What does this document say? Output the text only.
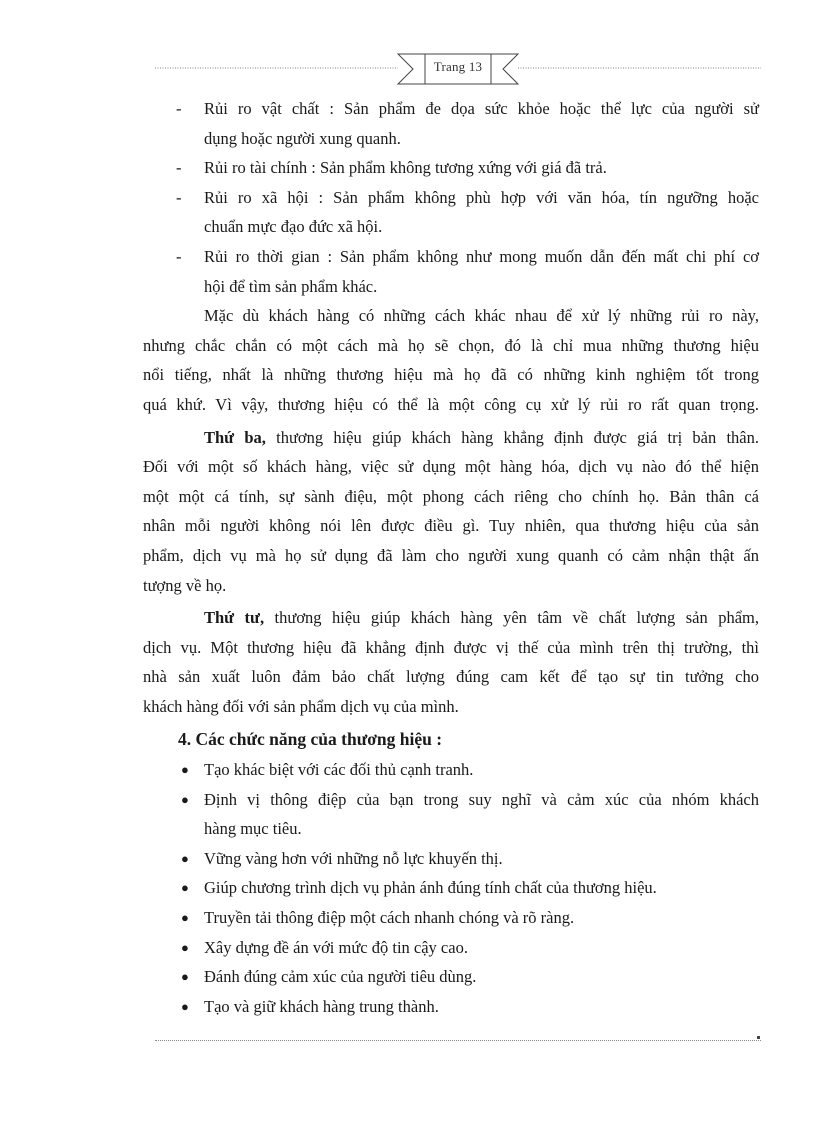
Trang 13
- Rủi ro vật chất : Sản phẩm đe dọa sức khỏe hoặc thể lực của người sử
dụng hoặc người xung quanh.
- Rủi ro tài chính : Sản phẩm không tương xứng với giá đã trả.
- Rủi ro xã hội : Sản phẩm không phù hợp với văn hóa, tín ngưỡng hoặc
chuẩn mực đạo đức xã hội.
- Rủi ro thời gian : Sản phẩm không như mong muốn dẫn đến mất chi phí cơ
hội để tìm sản phẩm khác.
Mặc dù khách hàng có những cách khác nhau để xử lý những rủi ro này,
nhưng chắc chắn có một cách mà họ sẽ chọn, đó là chỉ mua những thương hiệu
nổi tiếng, nhất là những thương hiệu mà họ đã có những kinh nghiệm tốt trong
quá khứ. Vì vậy, thương hiệu có thể là một công cụ xử lý rủi ro rất quan trọng.
Thứ ba, thương hiệu giúp khách hàng khẳng định được giá trị bản thân.
Đối với một số khách hàng, việc sử dụng một hàng hóa, dịch vụ nào đó thể hiện
một một cá tính, sự sành điệu, một phong cách riêng cho chính họ. Bản thân cá
nhân mỗi người không nói lên được điều gì. Tuy nhiên, qua thương hiệu của sản
phẩm, dịch vụ mà họ sử dụng đã làm cho người xung quanh có cảm nhận thật ấn
tượng về họ.
Thứ tư, thương hiệu giúp khách hàng yên tâm về chất lượng sản phẩm,
dịch vụ. Một thương hiệu đã khẳng định được vị thế của mình trên thị trường, thì
nhà sản xuất luôn đảm bảo chất lượng đúng cam kết để tạo sự tin tưởng cho
khách hàng đối với sản phẩm dịch vụ của mình.
4. Các chức năng của thương hiệu :
● Tạo khác biệt với các đối thủ cạnh tranh.
● Định vị thông điệp của bạn trong suy nghĩ và cảm xúc của nhóm khách
hàng mục tiêu.
● Vững vàng hơn với những nỗ lực khuyến thị.
● Giúp chương trình dịch vụ phản ánh đúng tính chất của thương hiệu.
● Truyền tải thông điệp một cách nhanh chóng và rõ ràng.
● Xây dựng đề án với mức độ tin cậy cao.
● Đánh đúng cảm xúc của người tiêu dùng.
● Tạo và giữ khách hàng trung thành.
